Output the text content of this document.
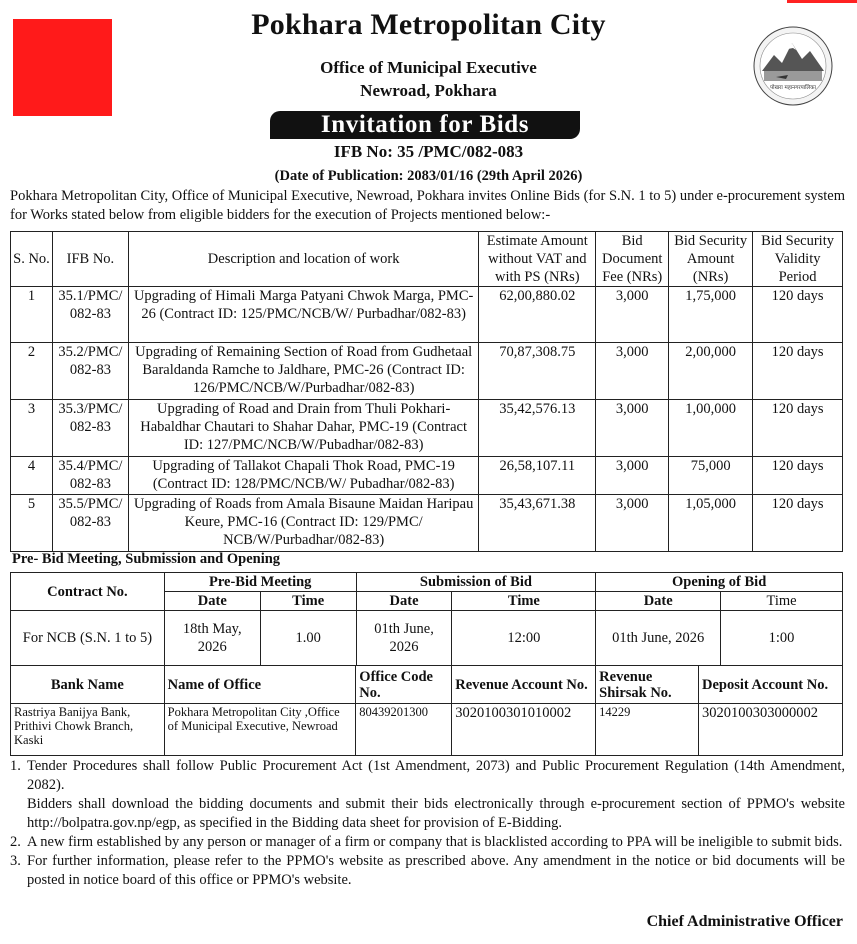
Pokhara Metropolitan City
Office of Municipal Executive
Newroad, Pokhara	पोखरा महानगरपालिका
Invitation for Bids
IFB No: 35 /PMC/082-083
(Date of Publication: 2083/01/16 (29th April 2026)
Pokhara Metropolitan City, Office of Municipal Executive, Newroad, Pokhara invites Online Bids (for S.N. 1 to 5) under e-procurement system for Works stated below from eligible bidders for the execution of Projects mentioned below:-
S. No.	IFB No.	Description and location of work	Estimate Amount without VAT and with PS (NRs)	Bid Document Fee (NRs)	Bid Security Amount (NRs)	Bid Security Validity Period
1	35.1/PMC/ 082-83	Upgrading of Himali Marga Patyani Chwok Marga, PMC-26 (Contract ID: 125/PMC/NCB/W/ Purbadhar/082-83)	62,00,880.02	3,000	1,75,000	120 days
2	35.2/PMC/ 082-83	Upgrading of Remaining Section of Road from Gudhetaal Baraldanda Ramche to Jaldhare, PMC-26 (Contract ID: 126/PMC/NCB/W/Purbadhar/082-83)	70,87,308.75	3,000	2,00,000	120 days
3	35.3/PMC/ 082-83	Upgrading of Road and Drain from Thuli Pokhari- Habaldhar Chautari to Shahar Dahar, PMC-19 (Contract ID: 127/PMC/NCB/W/Pubadhar/082-83)	35,42,576.13	3,000	1,00,000	120 days
4	35.4/PMC/ 082-83	Upgrading of Tallakot Chapali Thok Road, PMC-19 (Contract ID: 128/PMC/NCB/W/ Pubadhar/082-83)	26,58,107.11	3,000	75,000	120 days
5	35.5/PMC/ 082-83	Upgrading of Roads from Amala Bisaune Maidan Haripau Keure, PMC-16 (Contract ID: 129/PMC/ NCB/W/Purbadhar/082-83)	35,43,671.38	3,000	1,05,000	120 days
Pre- Bid Meeting, Submission and Opening
Contract No.	Pre-Bid Meeting		Submission of Bid		Opening of Bid	
	Date	Time	Date	Time	Date	Time
For NCB (S.N. 1 to 5)	18th May, 2026	1.00	01th June, 2026	12:00	01th June, 2026	1:00
Bank Name	Name of Office	Office Code No.	Revenue Account No.	Revenue Shirsak No.	Deposit Account No.
Rastriya Banijya Bank, Prithivi Chowk Branch, Kaski	Pokhara Metropolitan City ,Office of Municipal Executive, Newroad	80439201300	3020100301010002	14229	3020100303000002
1. Tender Procedures shall follow Public Procurement Act (1st Amendment, 2073) and Public Procurement Regulation (14th Amendment, 2082).
Bidders shall download the bidding documents and submit their bids electronically through e-procurement section of PPMO's website http://bolpatra.gov.np/egp, as specified in the Bidding data sheet for provision of E-Bidding.
2. A new firm established by any person or manager of a firm or company that is blacklisted according to PPA will be ineligible to submit bids.
3. For further information, please refer to the PPMO's website as prescribed above. Any amendment in the notice or bid documents will be posted in notice board of this office or PPMO's website.
Chief Administrative Officer
